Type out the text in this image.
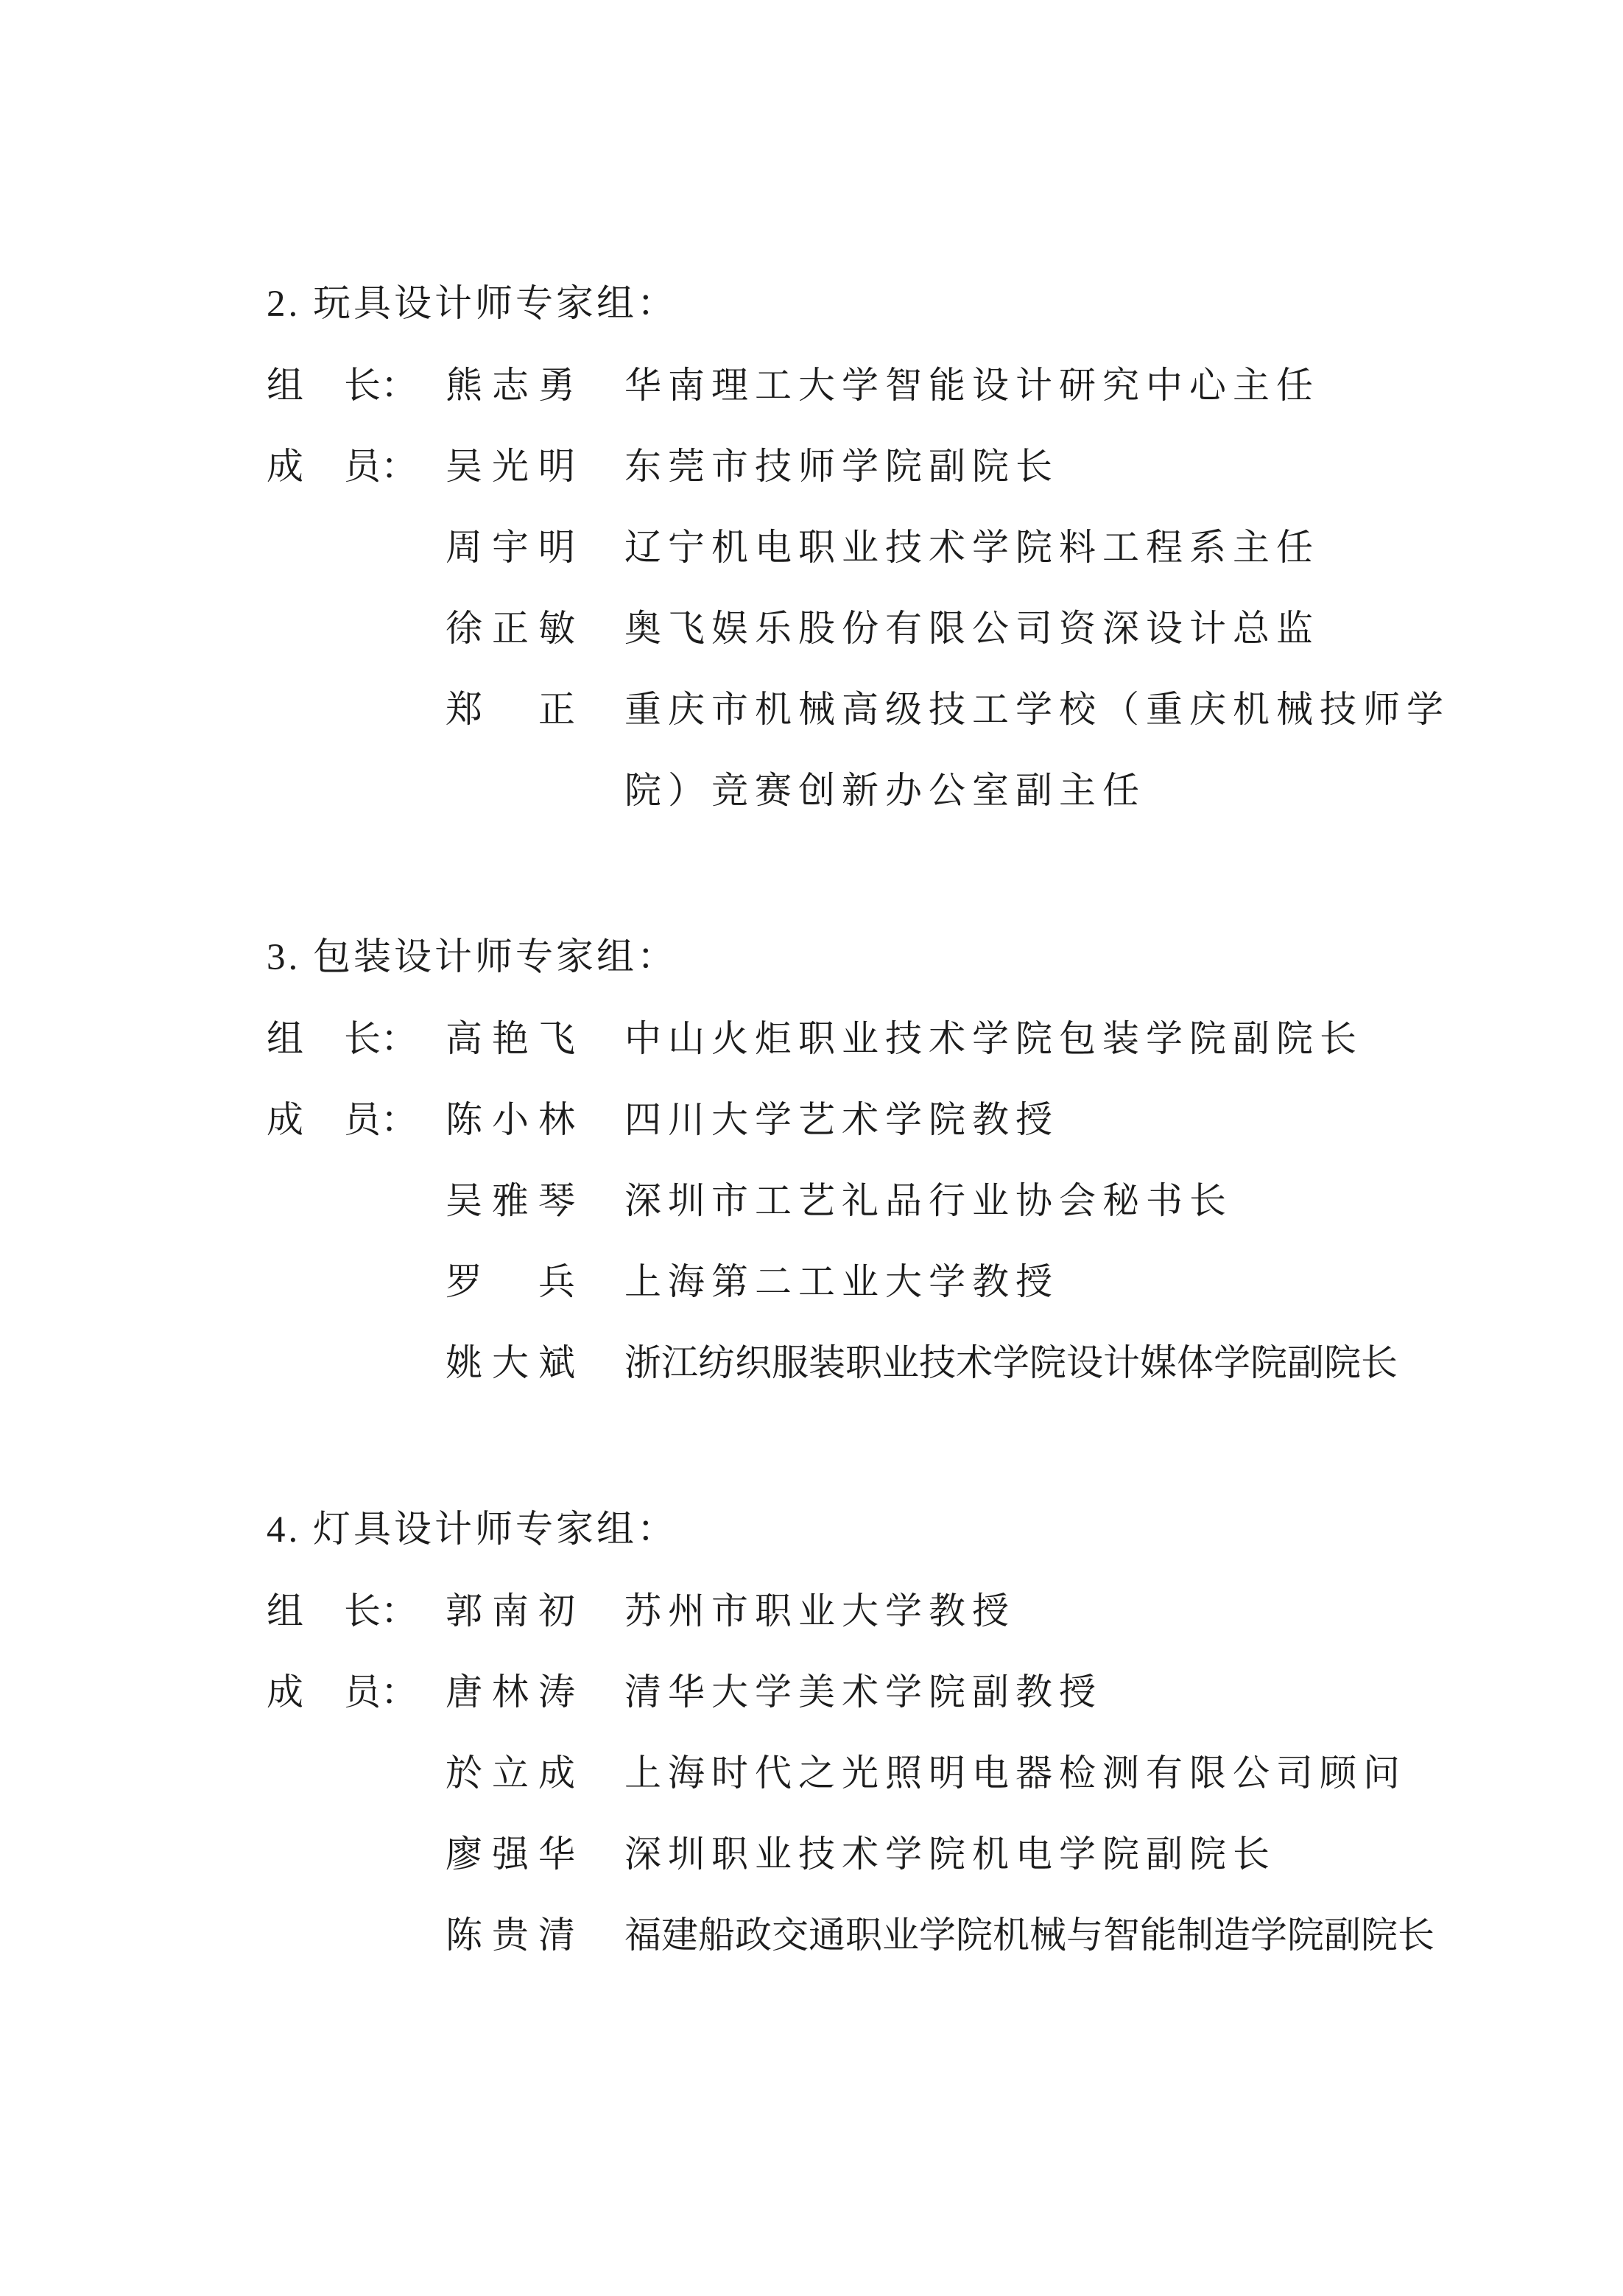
2. 玩具设计师专家组：
组 长： 熊志勇 华南理工大学智能设计研究中心主任
成 员： 吴光明 东莞市技师学院副院长
周宇明 辽宁机电职业技术学院料工程系主任
徐正敏 奥飞娱乐股份有限公司资深设计总监
郑正 重庆市机械高级技工学校（重庆机械技师学
院）竞赛创新办公室副主任
3. 包装设计师专家组：
组 长： 高艳飞 中山火炬职业技术学院包装学院副院长
成 员： 陈小林 四川大学艺术学院教授
吴雅琴 深圳市工艺礼品行业协会秘书长
罗兵 上海第二工业大学教授
姚大斌 浙江纺织服装职业技术学院设计媒体学院副院长
4. 灯具设计师专家组：
组 长： 郭南初 苏州市职业大学教授
成 员： 唐林涛 清华大学美术学院副教授
於立成 上海时代之光照明电器检测有限公司顾问
廖强华 深圳职业技术学院机电学院副院长
陈贵清 福建船政交通职业学院机械与智能制造学院副院长
